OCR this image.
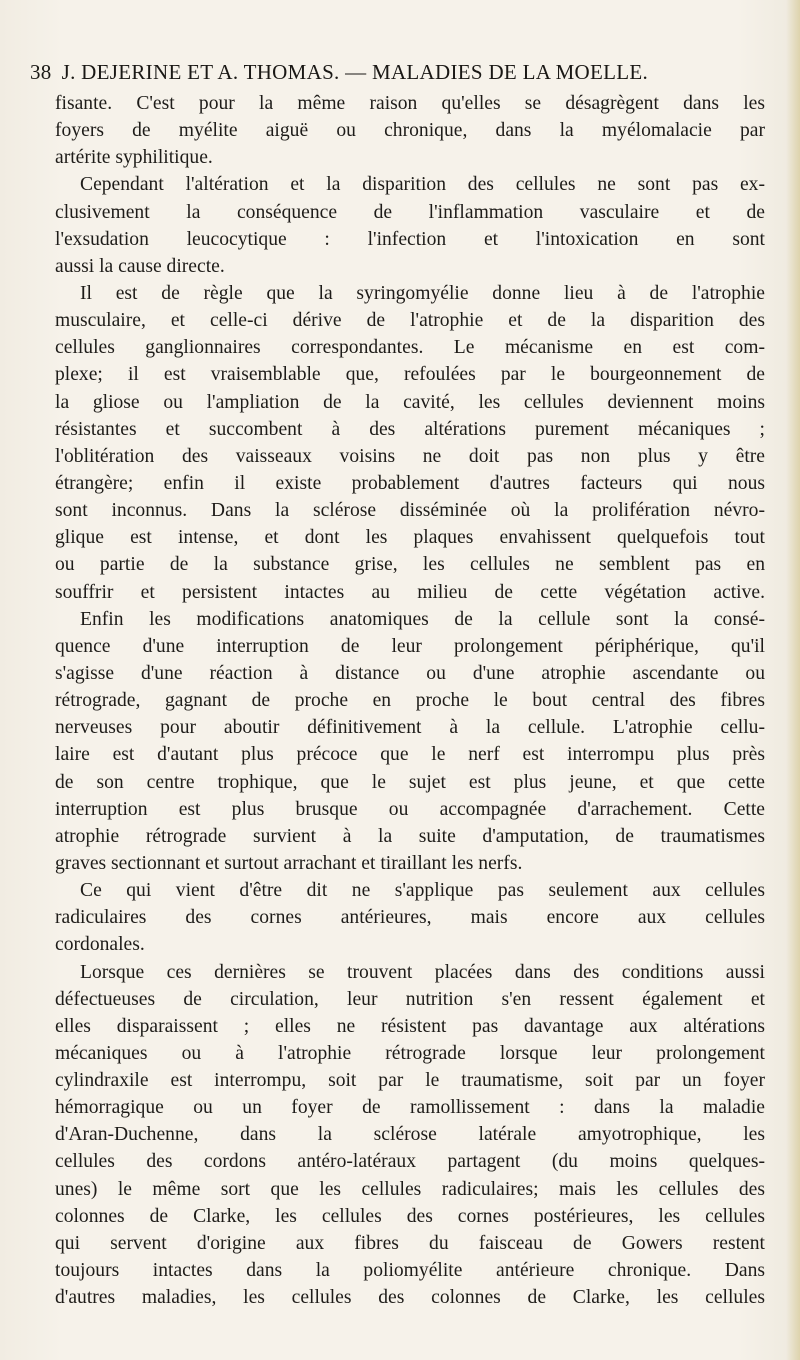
38 J. DEJERINE ET A. THOMAS. — MALADIES DE LA MOELLE.
fisante. C'est pour la même raison qu'elles se désagrègent dans les
foyers de myélite aiguë ou chronique, dans la myélomalacie par
artérite syphilitique.
Cependant l'altération et la disparition des cellules ne sont pas ex-
clusivement la conséquence de l'inflammation vasculaire et de
l'exsudation leucocytique : l'infection et l'intoxication en sont
aussi la cause directe.
Il est de règle que la syringomyélie donne lieu à de l'atrophie
musculaire, et celle-ci dérive de l'atrophie et de la disparition des
cellules ganglionnaires correspondantes. Le mécanisme en est com-
plexe; il est vraisemblable que, refoulées par le bourgeonnement de
la gliose ou l'ampliation de la cavité, les cellules deviennent moins
résistantes et succombent à des altérations purement mécaniques ;
l'oblitération des vaisseaux voisins ne doit pas non plus y être
étrangère; enfin il existe probablement d'autres facteurs qui nous
sont inconnus. Dans la sclérose disséminée où la prolifération névro-
glique est intense, et dont les plaques envahissent quelquefois tout
ou partie de la substance grise, les cellules ne semblent pas en
souffrir et persistent intactes au milieu de cette végétation active.
Enfin les modifications anatomiques de la cellule sont la consé-
quence d'une interruption de leur prolongement périphérique, qu'il
s'agisse d'une réaction à distance ou d'une atrophie ascendante ou
rétrograde, gagnant de proche en proche le bout central des fibres
nerveuses pour aboutir définitivement à la cellule. L'atrophie cellu-
laire est d'autant plus précoce que le nerf est interrompu plus près
de son centre trophique, que le sujet est plus jeune, et que cette
interruption est plus brusque ou accompagnée d'arrachement. Cette
atrophie rétrograde survient à la suite d'amputation, de traumatismes
graves sectionnant et surtout arrachant et tiraillant les nerfs.
Ce qui vient d'être dit ne s'applique pas seulement aux cellules
radiculaires des cornes antérieures, mais encore aux cellules
cordonales.
Lorsque ces dernières se trouvent placées dans des conditions aussi
défectueuses de circulation, leur nutrition s'en ressent également et
elles disparaissent ; elles ne résistent pas davantage aux altérations
mécaniques ou à l'atrophie rétrograde lorsque leur prolongement
cylindraxile est interrompu, soit par le traumatisme, soit par un foyer
hémorragique ou un foyer de ramollissement : dans la maladie
d'Aran-Duchenne, dans la sclérose latérale amyotrophique, les
cellules des cordons antéro-latéraux partagent (du moins quelques-
unes) le même sort que les cellules radiculaires; mais les cellules des
colonnes de Clarke, les cellules des cornes postérieures, les cellules
qui servent d'origine aux fibres du faisceau de Gowers restent
toujours intactes dans la poliomyélite antérieure chronique. Dans
d'autres maladies, les cellules des colonnes de Clarke, les cellules
